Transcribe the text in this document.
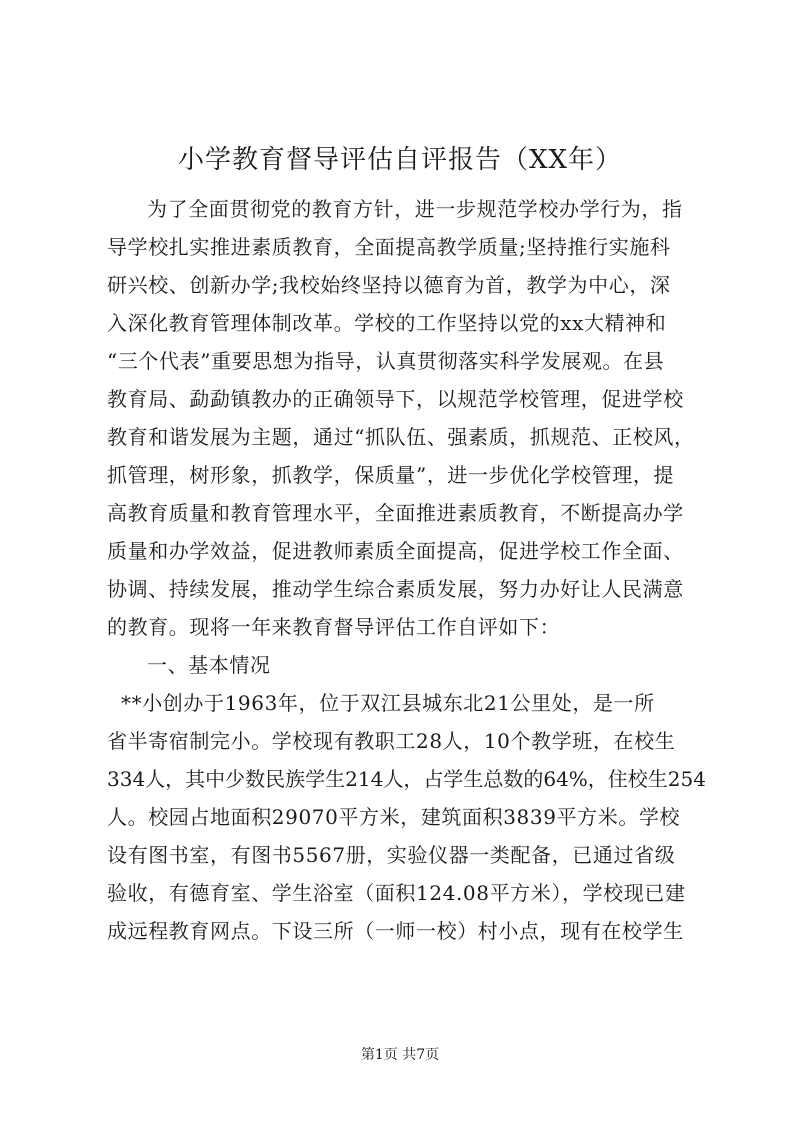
小学教育督导评估自评报告（XX年）
为了全面贯彻党的教育方针，进一步规范学校办学行为，指
导学校扎实推进素质教育，全面提高教学质量;坚持推行实施科
研兴校、创新办学;我校始终坚持以德育为首，教学为中心，深
入深化教育管理体制改革。学校的工作坚持以党的xx大精神和
“三个代表”重要思想为指导，认真贯彻落实科学发展观。在县
教育局、勐勐镇教办的正确领导下，以规范学校管理，促进学校
教育和谐发展为主题，通过“抓队伍、强素质，抓规范、正校风，
抓管理，树形象，抓教学，保质量”，进一步优化学校管理，提
高教育质量和教育管理水平，全面推进素质教育，不断提高办学
质量和办学效益，促进教师素质全面提高，促进学校工作全面、
协调、持续发展，推动学生综合素质发展，努力办好让人民满意
的教育。现将一年来教育督导评估工作自评如下：
一、基本情况
**小创办于1963年，位于双江县城东北21公里处，是一所
省半寄宿制完小。学校现有教职工28人，10个教学班，在校生
334人，其中少数民族学生214人，占学生总数的64%，住校生254
人。校园占地面积29070平方米，建筑面积3839平方米。学校
设有图书室，有图书5567册，实验仪器一类配备，已通过省级
验收，有德育室、学生浴室（面积124.08平方米），学校现已建
成远程教育网点。下设三所（一师一校）村小点，现有在校学生
第1页 共7页
